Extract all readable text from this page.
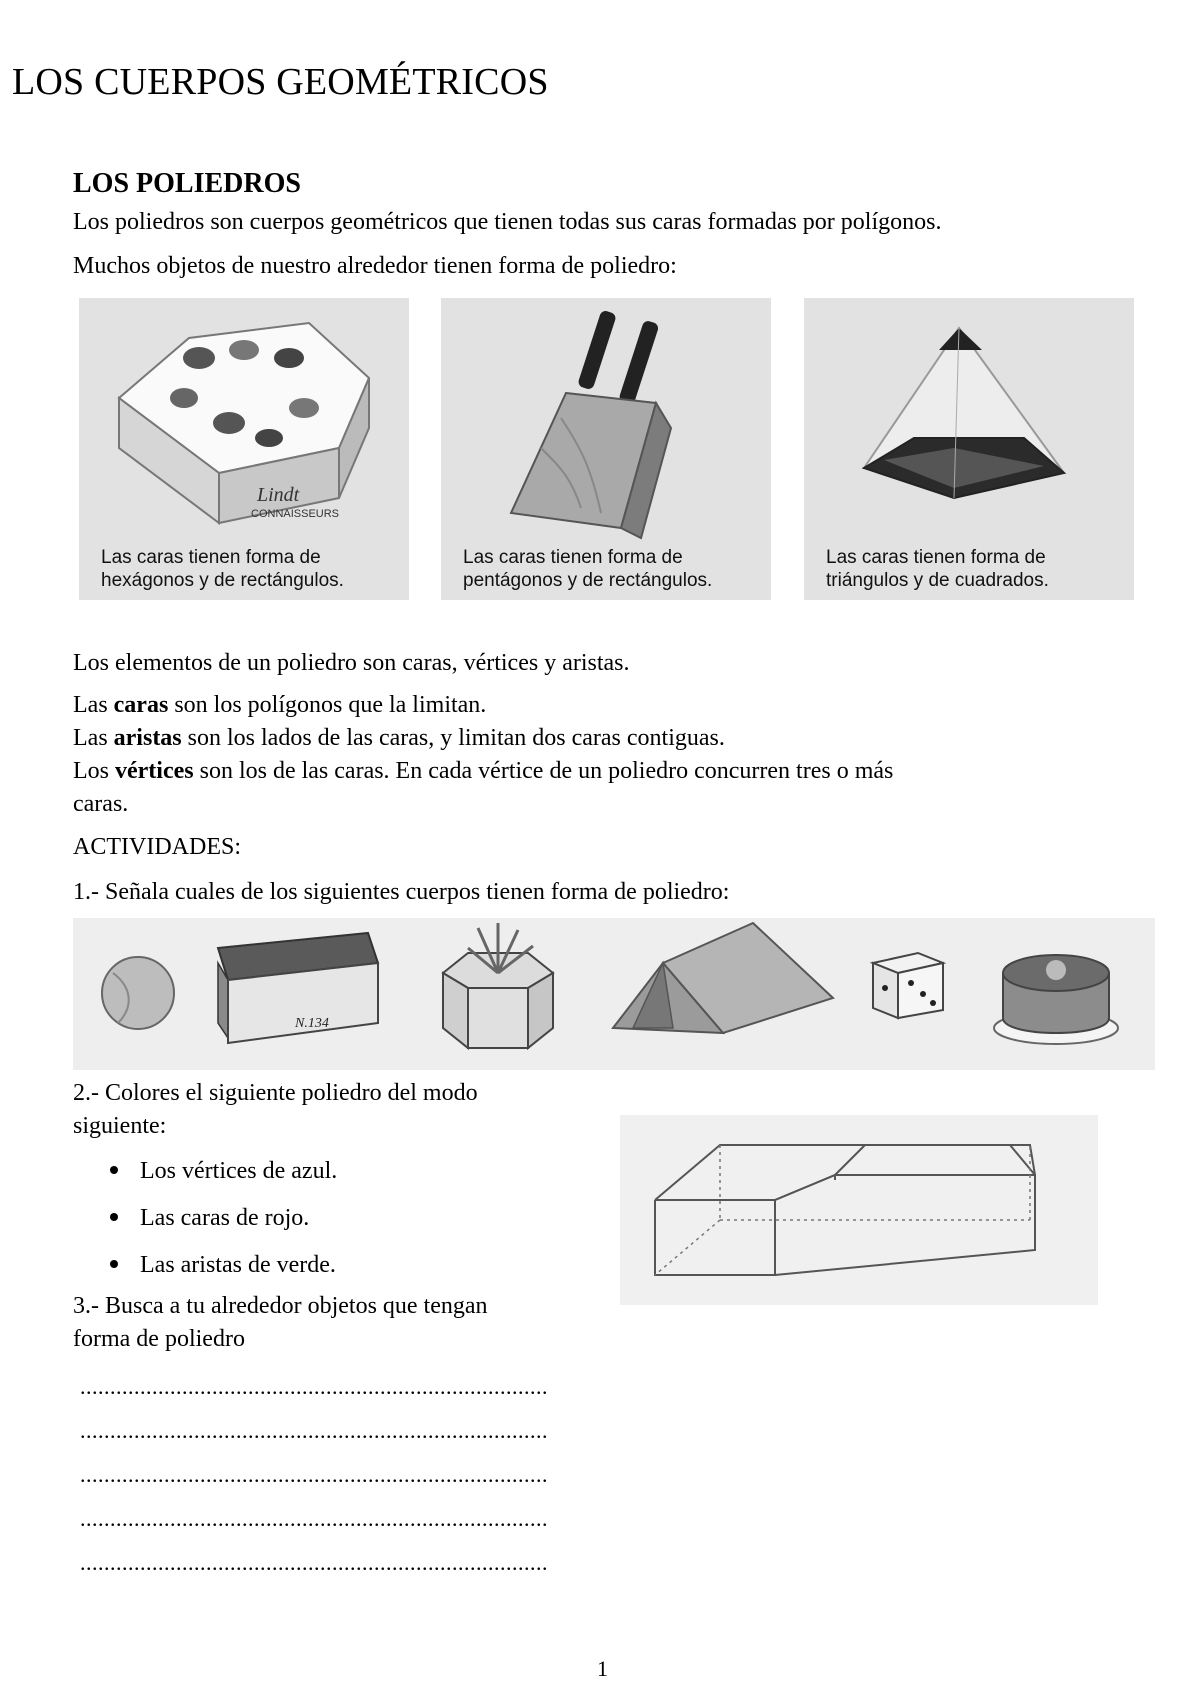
LOS CUERPOS GEOMÉTRICOS
LOS POLIEDROS
Los poliedros son cuerpos geométricos que tienen todas sus caras formadas por polígonos.
Muchos objetos de nuestro alrededor tienen forma de poliedro:
Lindt
CONNAISSEURS
Las caras tienen forma de
hexágonos y de rectángulos.
Las caras tienen forma de
pentágonos y de rectángulos.
Las caras tienen forma de
triángulos y de cuadrados.
Los elementos de un poliedro son caras, vértices y aristas.
Las caras son los polígonos que la limitan.
Las aristas son los lados de las caras, y limitan dos caras contiguas.
Los vértices son los de las caras. En cada vértice de un poliedro concurren tres o más
caras.
ACTIVIDADES:
1.- Señala cuales de los siguientes cuerpos tienen forma de poliedro:
N.134
2.- Colores el siguiente poliedro del modo
siguiente:
Los vértices de azul.
Las caras de rojo.
Las aristas de verde.
3.- Busca a tu alrededor objetos que tengan
forma de poliedro
..............................................................................
..............................................................................
..............................................................................
..............................................................................
..............................................................................
1
